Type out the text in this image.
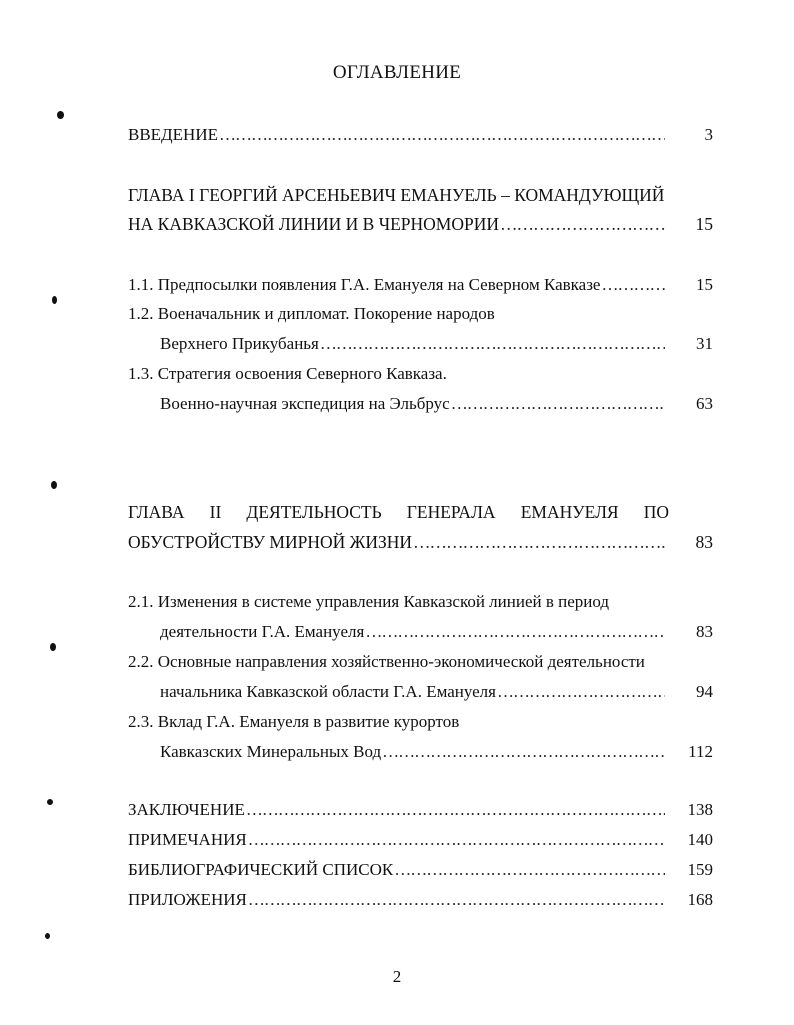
ОГЛАВЛЕНИЕ
ВВЕДЕНИЕ …………………………………………………………………………………………………………………………………………………………………………	3
ГЛАВА I ГЕОРГИЙ АРСЕНЬЕВИЧ ЕМАНУЕЛЬ – КОМАНДУЮЩИЙ
НА КАВКАЗСКОЙ ЛИНИИ И В ЧЕРНОМОРИИ …………………………………………………………………………………………………………………………………………………………………………	15
1.1. Предпосылки появления Г.А. Емануеля на Северном Кавказе …………………………………………………………………………………………………………………………………………………………………………	15
1.2. Военачальник и дипломат. Покорение народов
Верхнего Прикубанья …………………………………………………………………………………………………………………………………………………………………………	31
1.3. Стратегия освоения Северного Кавказа.
Военно-научная экспедиция на Эльбрус …………………………………………………………………………………………………………………………………………………………………………	63
ГЛАВА II ДЕЯТЕЛЬНОСТЬ ГЕНЕРАЛА ЕМАНУЕЛЯ ПО
ОБУСТРОЙСТВУ МИРНОЙ ЖИЗНИ …………………………………………………………………………………………………………………………………………………………………………	83
2.1. Изменения в системе управления Кавказской линией в период
деятельности Г.А. Емануеля …………………………………………………………………………………………………………………………………………………………………………	83
2.2. Основные направления хозяйственно-экономической деятельности
начальника Кавказской области Г.А. Емануеля …………………………………………………………………………………………………………………………………………………………………………	94
2.3. Вклад Г.А. Емануеля в развитие курортов
Кавказских Минеральных Вод …………………………………………………………………………………………………………………………………………………………………………	112
ЗАКЛЮЧЕНИЕ …………………………………………………………………………………………………………………………………………………………………………	138
ПРИМЕЧАНИЯ …………………………………………………………………………………………………………………………………………………………………………	140
БИБЛИОГРАФИЧЕСКИЙ СПИСОК …………………………………………………………………………………………………………………………………………………………………………	159
ПРИЛОЖЕНИЯ …………………………………………………………………………………………………………………………………………………………………………	168
2
